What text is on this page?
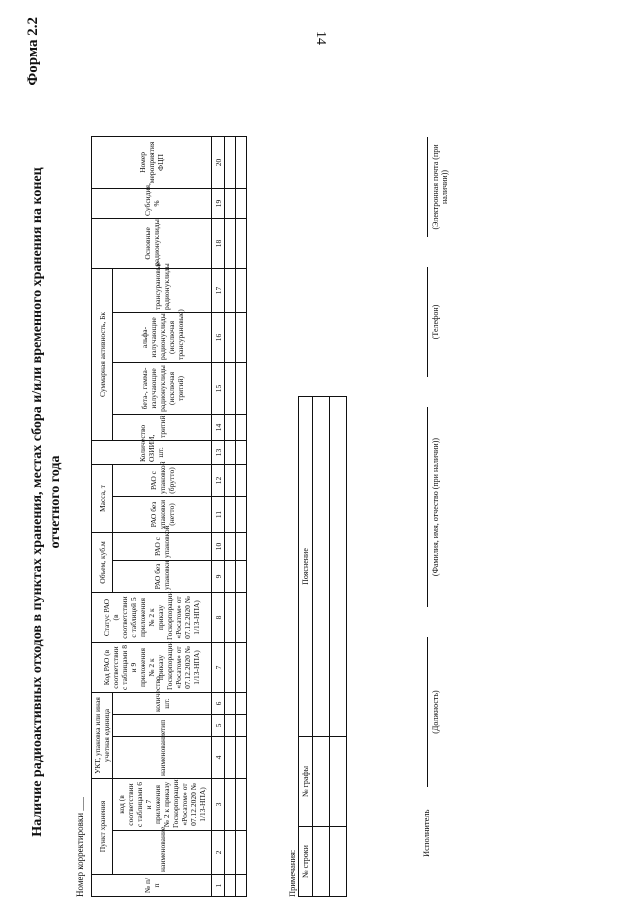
14
Форма 2.2
Наличие радиоактивных отходов в пунктах хранения, местах сбора и/или временного хранения на конец отчетного года
Номер корректировки ___
№ п/п	Пункт хранения		УКТ, упаковка или иная учетная единица			Код РАО (в соответствии с таблицами 8 и 9 приложения № 2 к приказу Госкорпорации «Росатом» от 07.12.2020 № 1/13-НПА)	Статус РАО (в соответствии с таблицей 5 приложения № 2 к приказу Госкорпорации «Росатом» от 07.12.2020 № 1/13-НПА)	Объем, куб.м		Масса, т		Количество ОЗИИИ, шт.	Суммарная активность, Бк				Основные радионуклиды	Субсидия, %	Номер мероприятия ФЦП
	наименование	код (в соответствии с таблицами 6 и 7 приложения № 2 к приказу Госкорпорации «Росатом» от 07.12.2020 № 1/13-НПА)	наименование	тип	количество, шт.			РАО без упаковки	РАО с упаковкой	РАО без упаковки (нетто)	РАО с упаковкой (брутто)		тритий	бета-, гамма- излучающие радионуклиды (исключая тритий)	альфа-излучающие радионуклиды (исключая трансурановые)	трансурановые радионуклиды			
1	2	3	4	5	6	7	8	9	10	11	12	13	14	15	16	17	18	19	20

Примечания: № строки	№ графы	Пояснение

Исполнитель
(Должность)
(Фамилия, имя, отчество (при наличии))
(Телефон)
(Электронная почта (при наличии))
